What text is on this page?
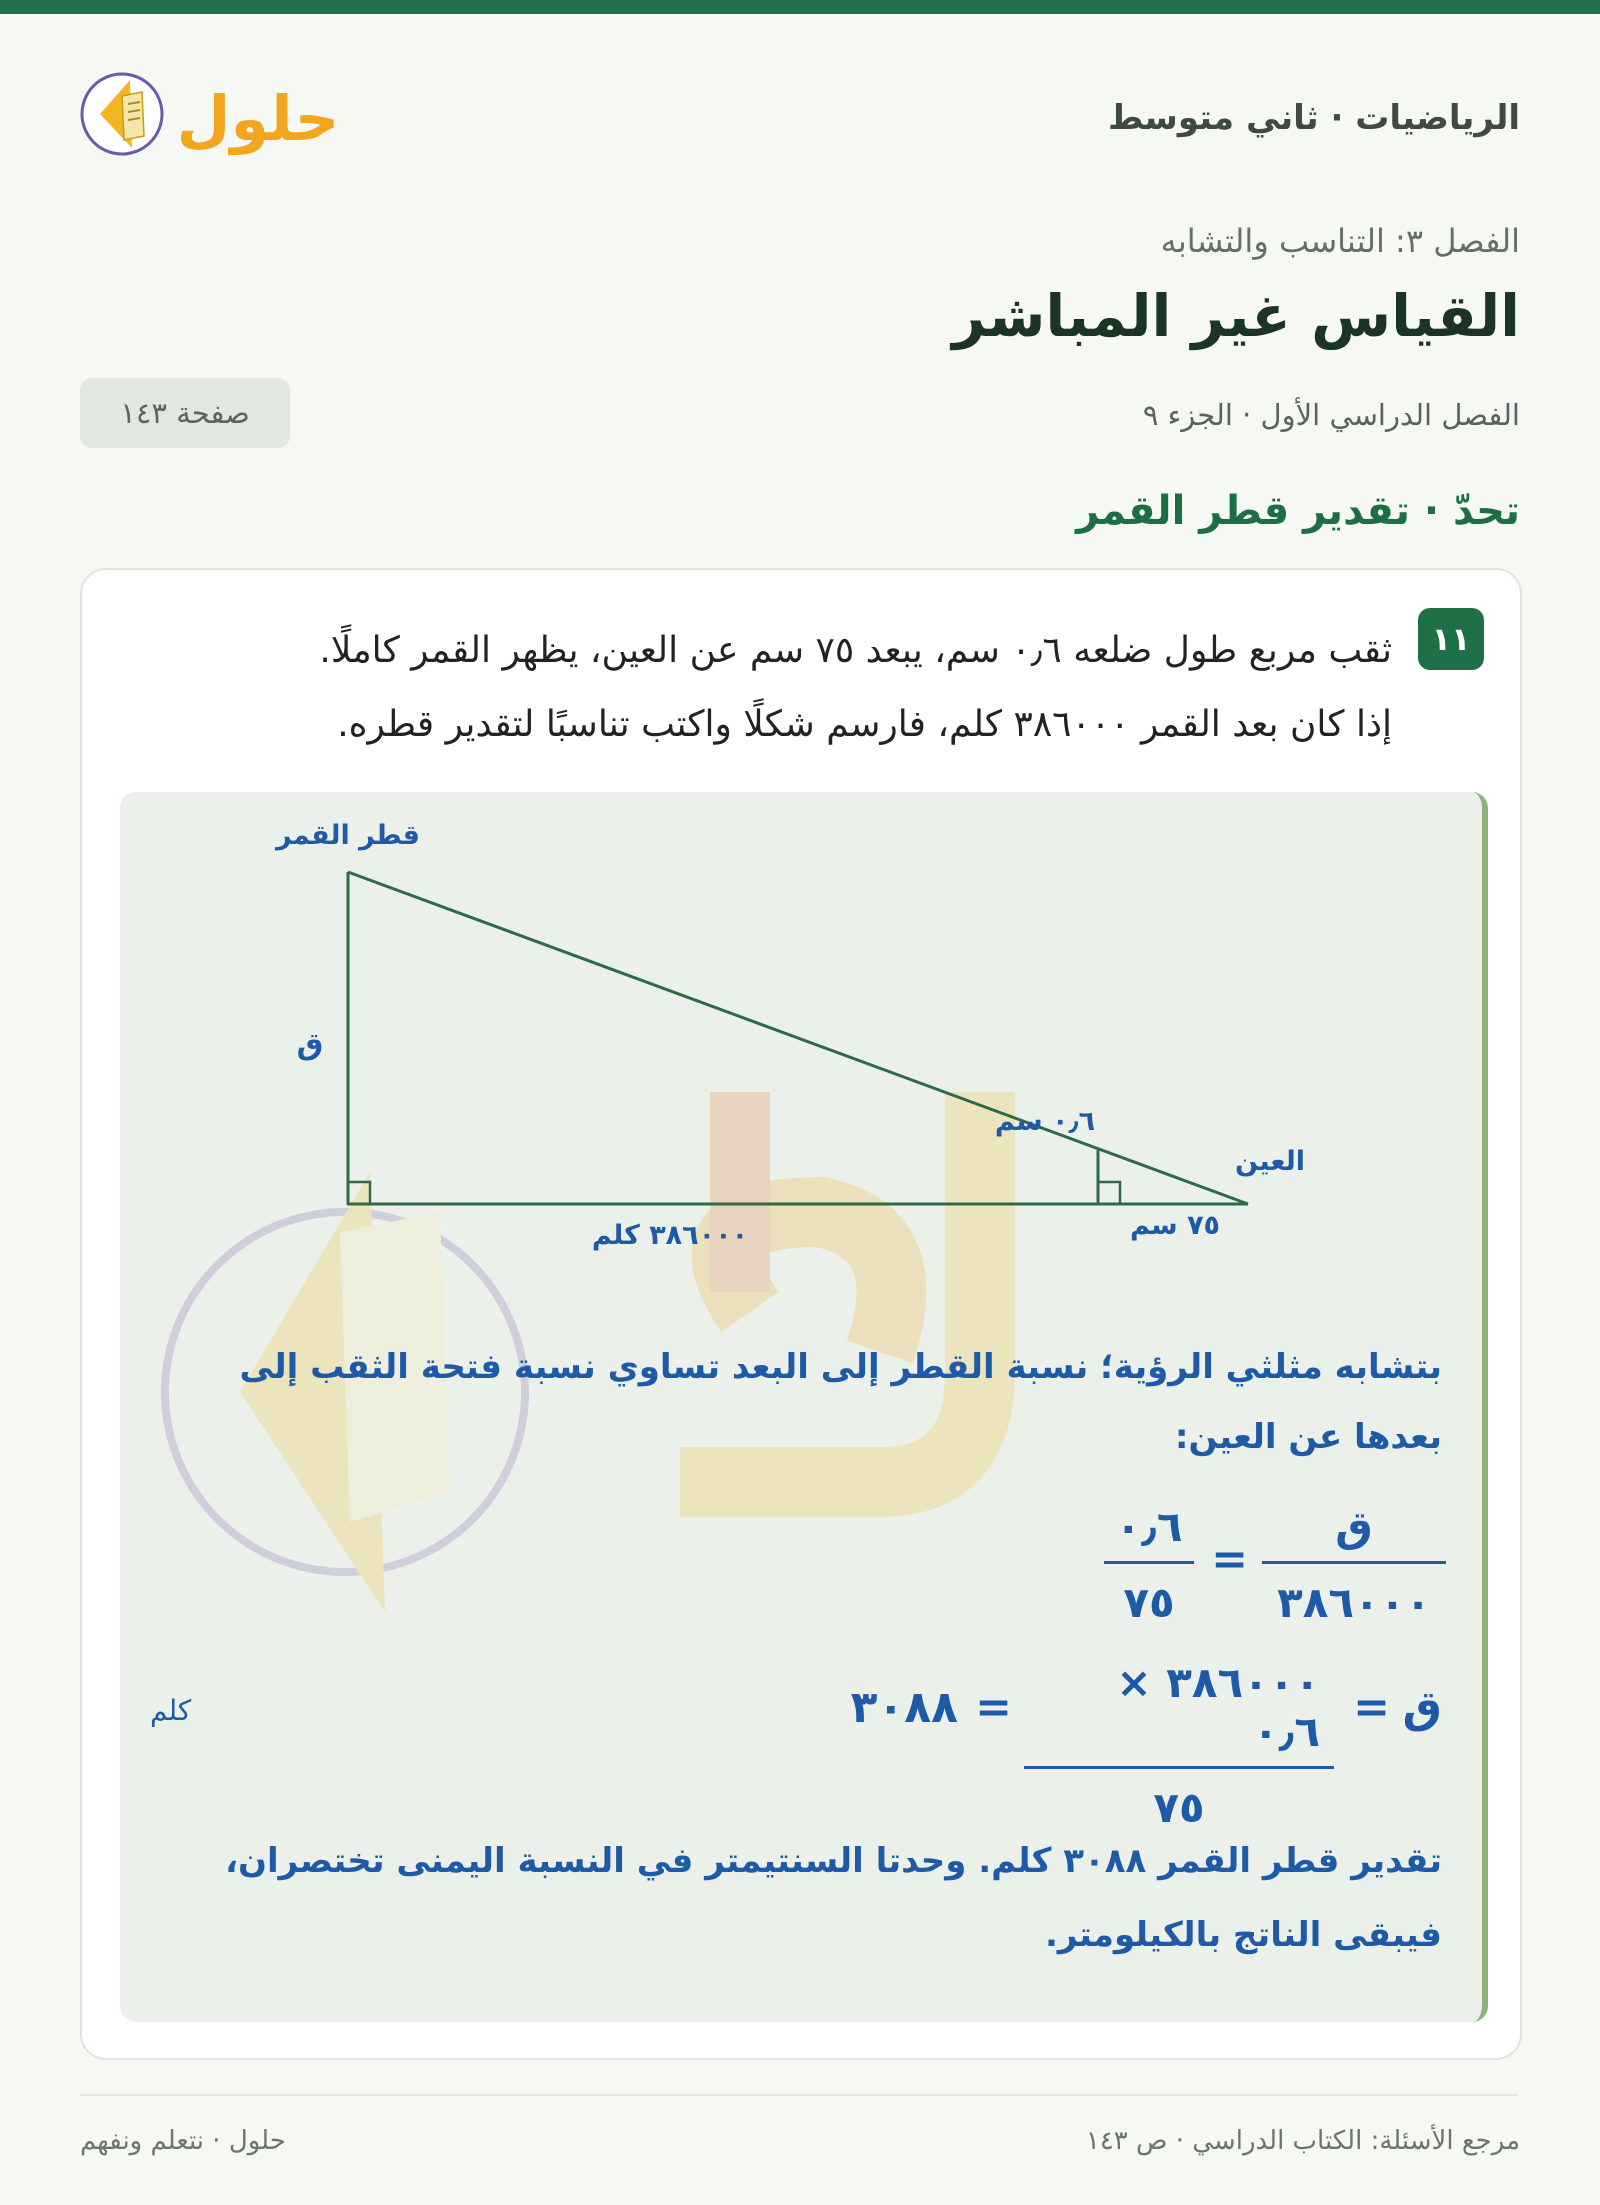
الرياضيات · ثاني متوسط
حلول
الفصل ٣: التناسب والتشابه
القياس غير المباشر
الفصل الدراسي الأول · الجزء ٩
صفحة ١٤٣
تحدّ · تقدير قطر القمر
١١
ثقب مربع طول ضلعه ٠٫٦ سم، يبعد ٧٥ سم عن العين، يظهر القمر كاملًا.
إذا كان بعد القمر ٣٨٦٠٠٠ كلم، فارسم شكلًا واكتب تناسبًا لتقدير قطره.
قطر القمر
ق
٠٫٦ سم
العين
٣٨٦٠٠٠ كلم	٧٥ سم
بتشابه مثلثي الرؤية؛ نسبة القطر إلى البعد تساوي نسبة فتحة الثقب إلى بعدها عن العين:
ق
٣٨٦٠٠٠
=
٠٫٦
٧٥
ق
=
٣٨٦٠٠٠ × ٠٫٦
٧٥
=
٣٠٨٨
كلم
تقدير قطر القمر ٣٠٨٨ كلم. وحدتا السنتيمتر في النسبة اليمنى تختصران، فيبقى الناتج بالكيلومتر.
مرجع الأسئلة: الكتاب الدراسي · ص ١٤٣
حلول · نتعلم ونفهم
